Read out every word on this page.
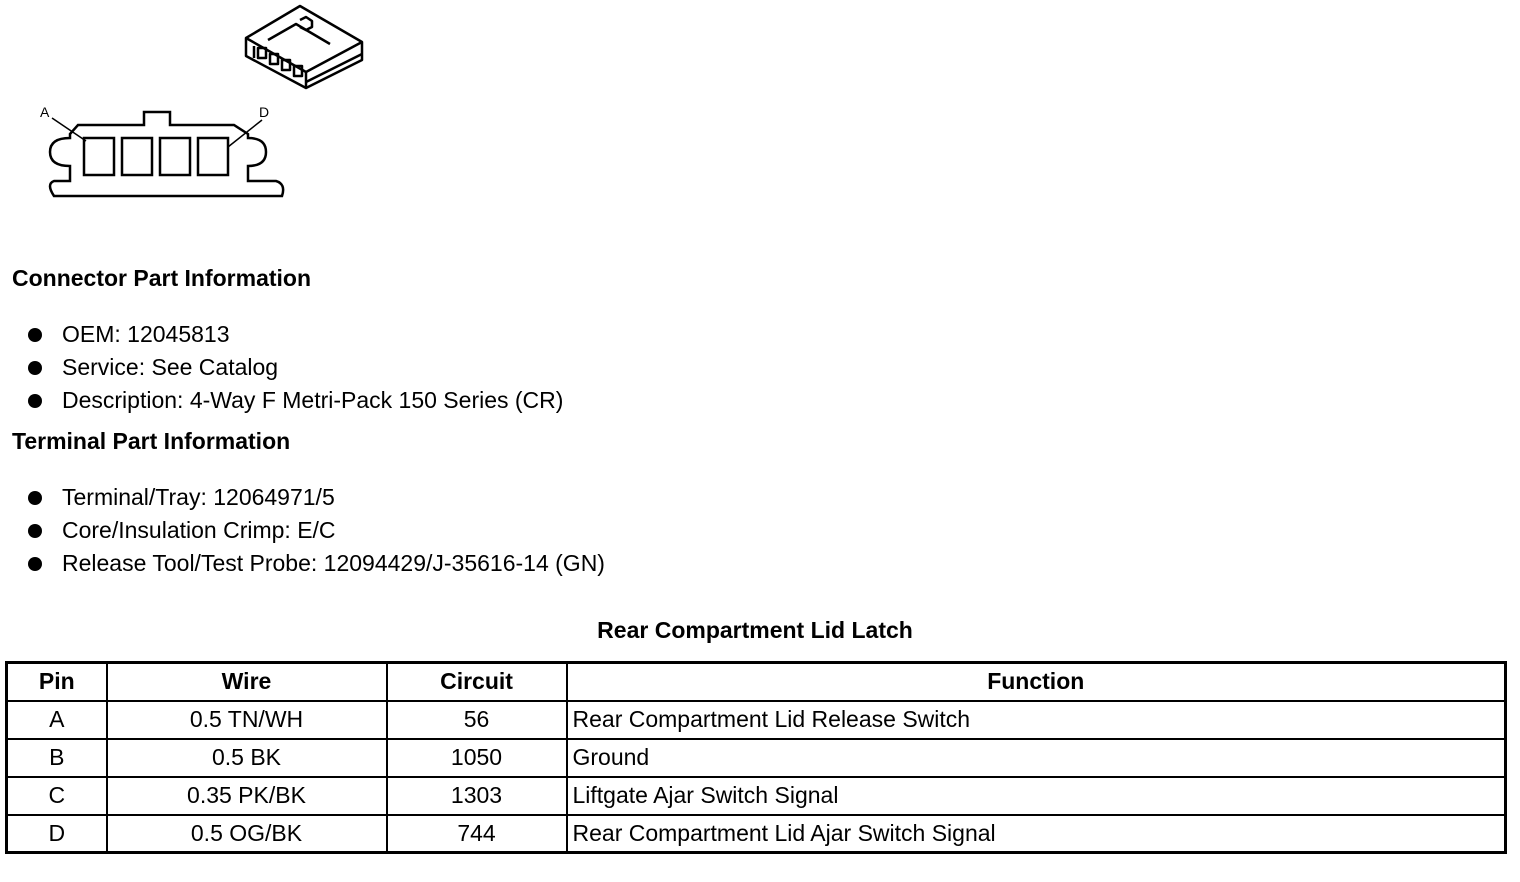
A	D
Connector Part Information
OEM: 12045813
Service: See Catalog
Description: 4-Way F Metri-Pack 150 Series (CR)
Terminal Part Information
Terminal/Tray: 12064971/5
Core/Insulation Crimp: E/C
Release Tool/Test Probe: 12094429/J-35616-14 (GN)
Rear Compartment Lid Latch
Pin	Wire	Circuit	Function
A	0.5 TN/WH	56	Rear Compartment Lid Release Switch
B	0.5 BK	1050	Ground
C	0.35 PK/BK	1303	Liftgate Ajar Switch Signal
D	0.5 OG/BK	744	Rear Compartment Lid Ajar Switch Signal
